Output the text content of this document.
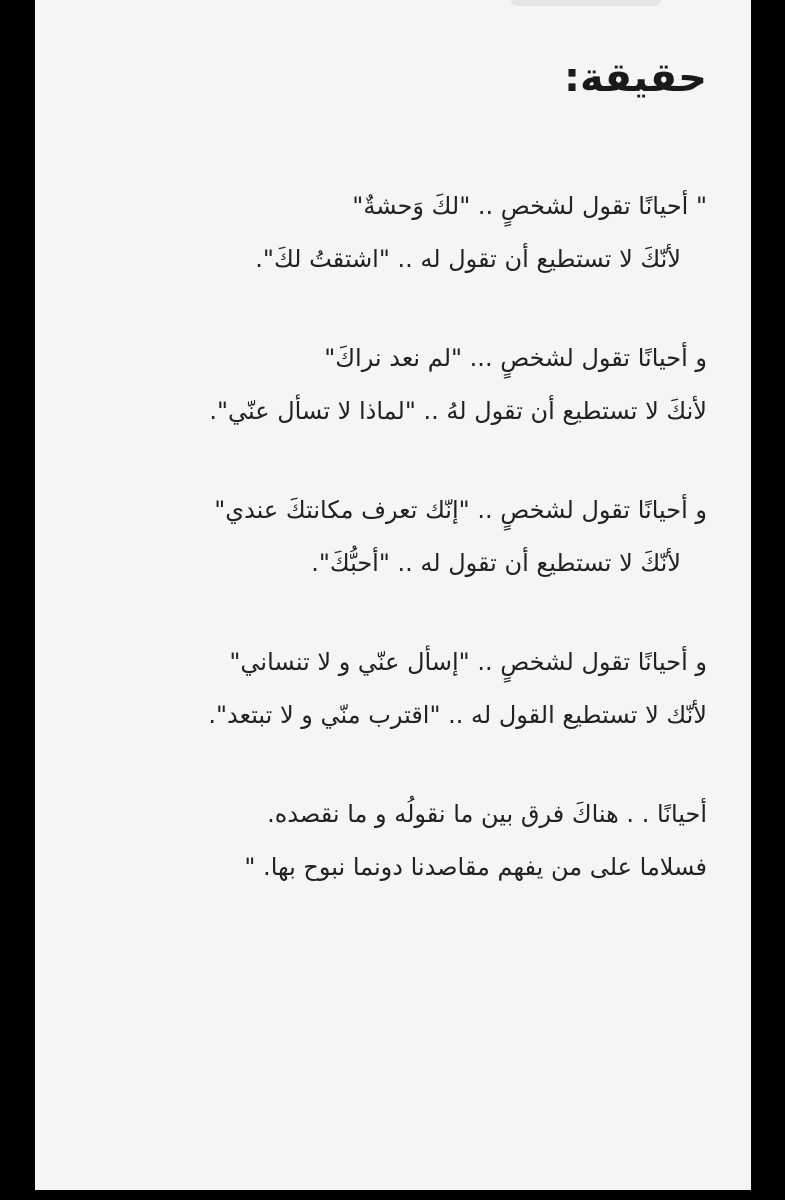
حقيقة:
" أحيانًا تقول لشخصٍ .. "لكَ وَحشةٌ"
لأنّكَ لا تستطيع أن تقول له .. "اشتقتُ لكَ".
و أحيانًا تقول لشخصٍ ... "لم نعد نراكَ"
لأنكَ لا تستطيع أن تقول لهُ .. "لماذا لا تسأل عنّي".
و أحيانًا تقول لشخصٍ .. "إنّك تعرف مكانتكَ عندي"
لأنّكَ لا تستطيع أن تقول له .. "أحبُّكَ".
و أحيانًا تقول لشخصٍ .. "إسأل عنّي و لا تنساني"
لأنّك لا تستطيع القول له .. "اقترب منّي و لا تبتعد".
أحيانًا . . هناكَ فرق بين ما نقولُه و ما نقصده.
فسلاما على من يفهم مقاصدنا دونما نبوح بها. "
